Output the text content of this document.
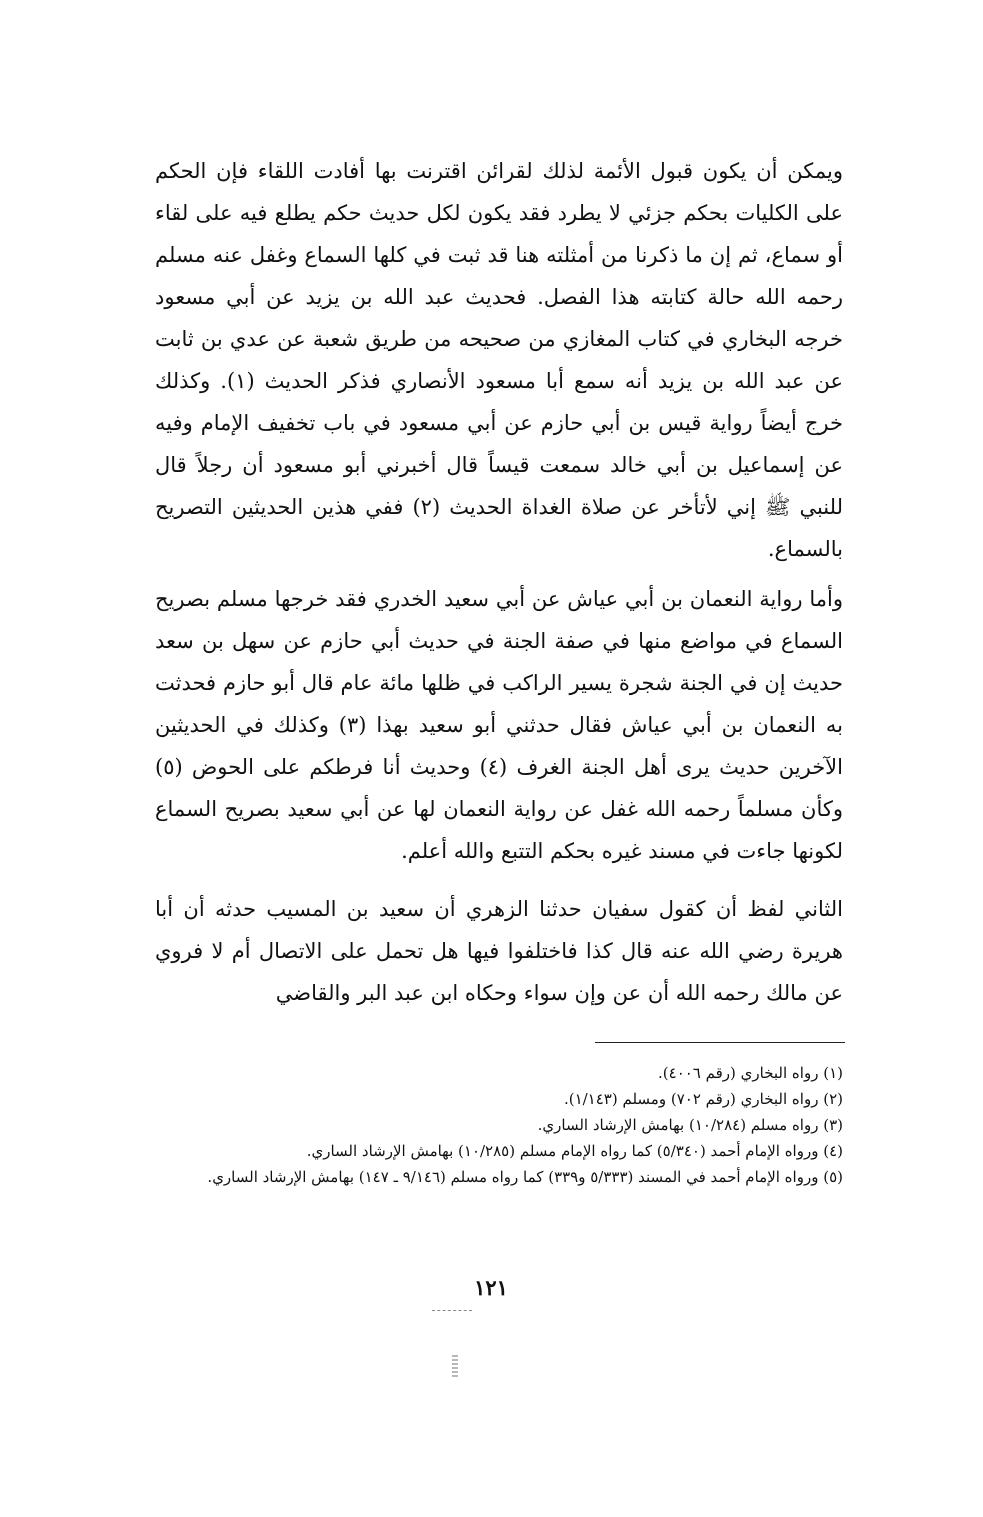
ويمكن أن يكون قبول الأئمة لذلك لقرائن اقترنت بها أفادت اللقاء فإن الحكم على الكليات بحكم جزئي لا يطرد فقد يكون لكل حديث حكم يطلع فيه على لقاء أو سماع، ثم إن ما ذكرنا من أمثلته هنا قد ثبت في كلها السماع وغفل عنه مسلم رحمه الله حالة كتابته هذا الفصل. فحديث عبد الله بن يزيد عن أبي مسعود خرجه البخاري في كتاب المغازي من صحيحه من طريق شعبة عن عدي بن ثابت عن عبد الله بن يزيد أنه سمع أبا مسعود الأنصاري فذكر الحديث (١). وكذلك خرج أيضاً رواية قيس بن أبي حازم عن أبي مسعود في باب تخفيف الإمام وفيه عن إسماعيل بن أبي خالد سمعت قيساً قال أخبرني أبو مسعود أن رجلاً قال للنبي ﷺ إني لأتأخر عن صلاة الغداة الحديث (٢) ففي هذين الحديثين التصريح بالسماع.

وأما رواية النعمان بن أبي عياش عن أبي سعيد الخدري فقد خرجها مسلم بصريح السماع في مواضع منها في صفة الجنة في حديث أبي حازم عن سهل بن سعد حديث إن في الجنة شجرة يسير الراكب في ظلها مائة عام قال أبو حازم فحدثت به النعمان بن أبي عياش فقال حدثني أبو سعيد بهذا (٣) وكذلك في الحديثين الآخرين حديث يرى أهل الجنة الغرف (٤) وحديث أنا فرطكم على الحوض (٥) وكأن مسلماً رحمه الله غفل عن رواية النعمان لها عن أبي سعيد بصريح السماع لكونها جاءت في مسند غيره بحكم التتبع والله أعلم.

الثاني لفظ أن كقول سفيان حدثنا الزهري أن سعيد بن المسيب حدثه أن أبا هريرة رضي الله عنه قال كذا فاختلفوا فيها هل تحمل على الاتصال أم لا فروي عن مالك رحمه الله أن عن وإن سواء وحكاه ابن عبد البر والقاضي

(١) رواه البخاري (رقم ٤٠٠٦).
(٢) رواه البخاري (رقم ٧٠٢) ومسلم (١/١٤٣).
(٣) رواه مسلم (١٠/٢٨٤) بهامش الإرشاد الساري.
(٤) ورواه الإمام أحمد (٥/٣٤٠) كما رواه الإمام مسلم (١٠/٢٨٥) بهامش الإرشاد الساري.
(٥) ورواه الإمام أحمد في المسند (٥/٣٣٣ و٣٣٩) كما رواه مسلم (٩/١٤٦ ـ ١٤٧) بهامش الإرشاد الساري.
١٢١
